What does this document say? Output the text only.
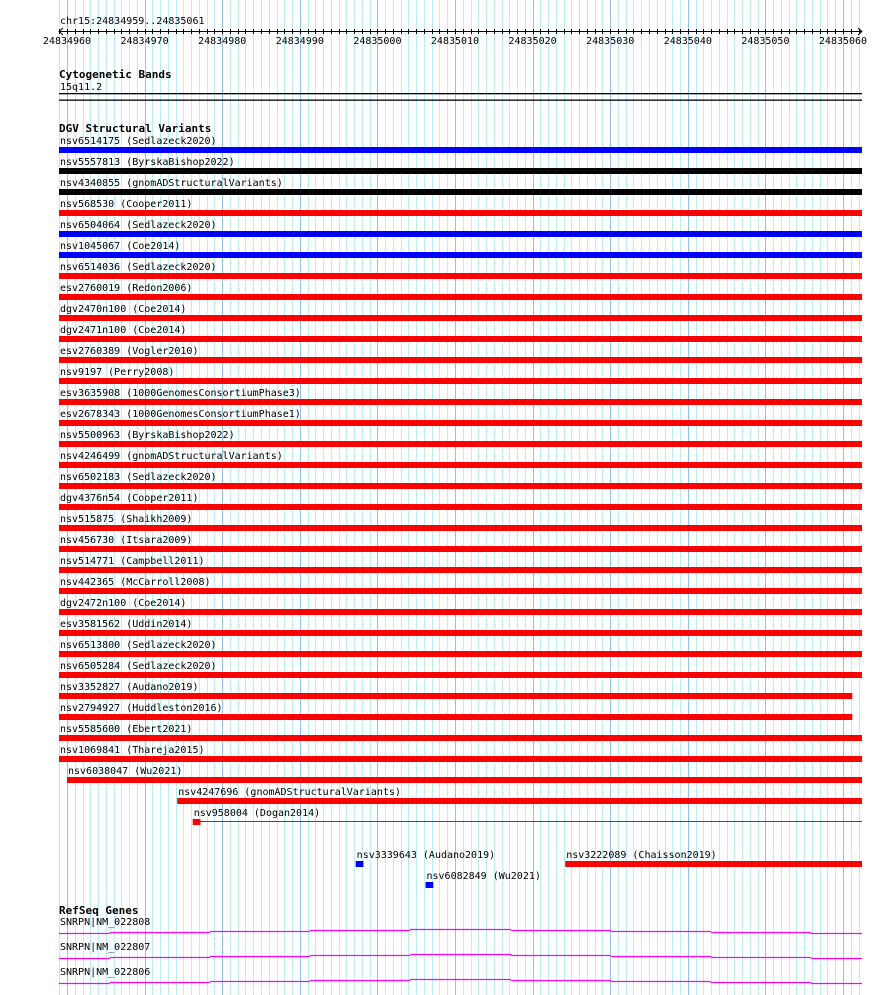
chr15:24834959..24835061
24834960	24834970	24834980	24834990	24835000	24835010	24835020	24835030	24835040	24835050	24835060
Cytogenetic Bands
15q11.2
DGV Structural Variants
nsv6514175 (Sedlazeck2020)
nsv5557813 (ByrskaBishop2022)
nsv4340855 (gnomADStructuralVariants)
nsv568530 (Cooper2011)
nsv6504064 (Sedlazeck2020)
nsv1045067 (Coe2014)
nsv6514036 (Sedlazeck2020)
esv2760019 (Redon2006)
dgv2470n100 (Coe2014)
dgv2471n100 (Coe2014)
esv2760389 (Vogler2010)
nsv9197 (Perry2008)
esv3635908 (1000GenomesConsortiumPhase3)
esv2678343 (1000GenomesConsortiumPhase1)
nsv5500963 (ByrskaBishop2022)
nsv4246499 (gnomADStructuralVariants)
nsv6502183 (Sedlazeck2020)
dgv4376n54 (Cooper2011)
nsv515875 (Shaikh2009)
nsv456730 (Itsara2009)
nsv514771 (Campbell2011)
nsv442365 (McCarroll2008)
dgv2472n100 (Coe2014)
esv3581562 (Uddin2014)
nsv6513800 (Sedlazeck2020)
nsv6505284 (Sedlazeck2020)
nsv3352827 (Audano2019)
nsv2794927 (Huddleston2016)
nsv5585600 (Ebert2021)
nsv1069841 (Thareja2015)
nsv6038047 (Wu2021)
nsv4247696 (gnomADStructuralVariants)
nsv958004 (Dogan2014)
nsv3339643 (Audano2019)	nsv3222089 (Chaisson2019)
nsv6082849 (Wu2021)
RefSeq Genes
SNRPN|NM_022808
SNRPN|NM_022807
SNRPN|NM_022806
